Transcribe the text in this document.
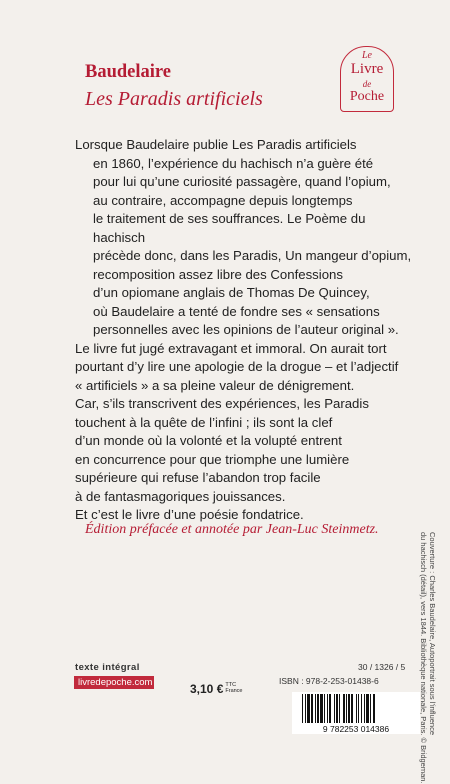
Baudelaire
Les Paradis artificiels
Le
Livre
de
Poche

Lorsque Baudelaire publie Les Paradis artificiels

en 1860, l’expérience du hachisch n’a guère été

pour lui qu’une curiosité passagère, quand l’opium,

au contraire, accompagne depuis longtemps

le traitement de ses souffrances. Le Poème du hachisch

précède donc, dans les Paradis, Un mangeur d’opium,

recomposition assez libre des Confessions

d’un opiomane anglais de Thomas De Quincey,

où Baudelaire a tenté de fondre ses « sensations

personnelles avec les opinions de l’auteur original ».

Le livre fut jugé extravagant et immoral. On aurait tort

pourtant d’y lire une apologie de la drogue – et l’adjectif

« artificiels » a sa pleine valeur de dénigrement.

Car, s’ils transcrivent des expériences, les Paradis

touchent à la quête de l’infini ; ils sont la clef

d’un monde où la volonté et la volupté entrent

en concurrence pour que triomphe une lumière

supérieure qui refuse l’abandon trop facile

à de fantasmagoriques jouissances.

Et c’est le livre d’une poésie fondatrice.

Édition préfacée et annotée par Jean-Luc Steinmetz.
texte intégral
livredepoche.com	3,10 € TTC
France
30 / 1326 / 5
ISBN : 978-2-253-01438-6
9 782253 014386	Couverture : Charles Baudelaire, Autoportrait sous l’influence
du hachisch (détail), vers 1844. Bibliothèque nationale, Paris. © Bridgeman.
